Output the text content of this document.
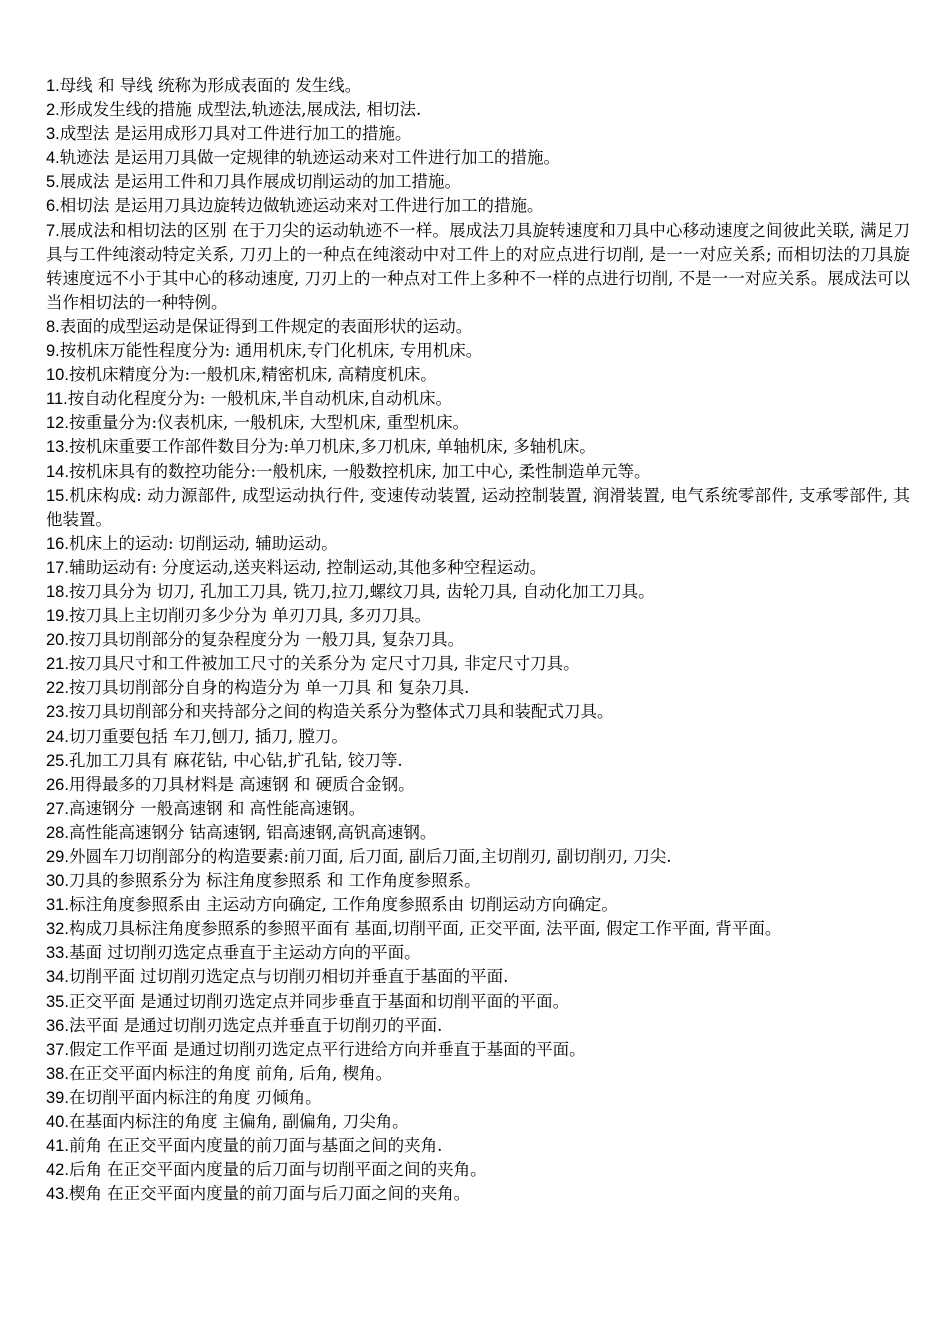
1.母线 和 导线 统称为形成表面的 发生线。

2.形成发生线的措施 成型法,轨迹法,展成法, 相切法.

3.成型法 是运用成形刀具对工件进行加工的措施。

4.轨迹法 是运用刀具做一定规律的轨迹运动来对工件进行加工的措施。

5.展成法 是运用工件和刀具作展成切削运动的加工措施。

6.相切法 是运用刀具边旋转边做轨迹运动来对工件进行加工的措施。

7.展成法和相切法的区别 在于刀尖的运动轨迹不一样。展成法刀具旋转速度和刀具中心移动速度之间彼此关联, 满足刀具与工件纯滚动特定关系, 刀刃上的一种点在纯滚动中对工件上的对应点进行切削, 是一一对应关系; 而相切法的刀具旋转速度远不小于其中心的移动速度, 刀刃上的一种点对工件上多种不一样的点进行切削, 不是一一对应关系。展成法可以当作相切法的一种特例。

8.表面的成型运动是保证得到工件规定的表面形状的运动。

9.按机床万能性程度分为: 通用机床,专门化机床, 专用机床。

10.按机床精度分为:一般机床,精密机床, 高精度机床。

11.按自动化程度分为: 一般机床,半自动机床,自动机床。

12.按重量分为:仪表机床, 一般机床, 大型机床, 重型机床。

13.按机床重要工作部件数目分为:单刀机床,多刀机床, 单轴机床, 多轴机床。

14.按机床具有的数控功能分:一般机床, 一般数控机床, 加工中心, 柔性制造单元等。

15.机床构成: 动力源部件, 成型运动执行件, 变速传动装置, 运动控制装置, 润滑装置, 电气系统零部件, 支承零部件, 其他装置。

16.机床上的运动: 切削运动, 辅助运动。

17.辅助运动有: 分度运动,送夹料运动, 控制运动,其他多种空程运动。

18.按刀具分为 切刀, 孔加工刀具, 铣刀,拉刀,螺纹刀具, 齿轮刀具, 自动化加工刀具。

19.按刀具上主切削刃多少分为 单刃刀具, 多刃刀具。

20.按刀具切削部分的复杂程度分为 一般刀具, 复杂刀具。

21.按刀具尺寸和工件被加工尺寸的关系分为 定尺寸刀具, 非定尺寸刀具。

22.按刀具切削部分自身的构造分为 单一刀具 和 复杂刀具.

23.按刀具切削部分和夹持部分之间的构造关系分为整体式刀具和装配式刀具。

24.切刀重要包括 车刀,刨刀, 插刀, 膛刀。

25.孔加工刀具有 麻花钻, 中心钻,扩孔钻, 铰刀等.

26.用得最多的刀具材料是 高速钢 和 硬质合金钢。

27.高速钢分 一般高速钢 和 高性能高速钢。

28.高性能高速钢分 钴高速钢, 铝高速钢,高钒高速钢。

29.外圆车刀切削部分的构造要素:前刀面, 后刀面, 副后刀面,主切削刃, 副切削刃, 刀尖.

30.刀具的参照系分为 标注角度参照系 和 工作角度参照系。

31.标注角度参照系由 主运动方向确定, 工作角度参照系由 切削运动方向确定。

32.构成刀具标注角度参照系的参照平面有 基面,切削平面, 正交平面, 法平面, 假定工作平面, 背平面。

33.基面 过切削刃选定点垂直于主运动方向的平面。

34.切削平面 过切削刃选定点与切削刃相切并垂直于基面的平面.

35.正交平面 是通过切削刃选定点并同步垂直于基面和切削平面的平面。

36.法平面 是通过切削刃选定点并垂直于切削刃的平面.

37.假定工作平面 是通过切削刃选定点平行进给方向并垂直于基面的平面。

38.在正交平面内标注的角度 前角, 后角, 楔角。

39.在切削平面内标注的角度 刃倾角。

40.在基面内标注的角度 主偏角, 副偏角, 刀尖角。

41.前角 在正交平面内度量的前刀面与基面之间的夹角.

42.后角 在正交平面内度量的后刀面与切削平面之间的夹角。

43.楔角 在正交平面内度量的前刀面与后刀面之间的夹角。
